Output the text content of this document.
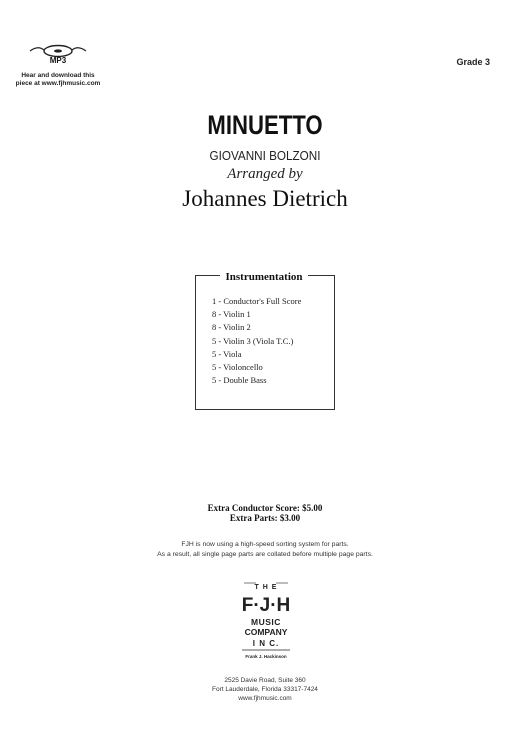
MP3
Hear and download this
piece at www.fjhmusic.com
Grade 3
MINUETTO
GIOVANNI BOLZONI
Arranged by
Johannes Dietrich
Instrumentation
1 - Conductor's Full Score
8 - Violin 1
8 - Violin 2
5 - Violin 3 (Viola T.C.)
5 - Viola
5 - Violoncello
5 - Double Bass
Extra Conductor Score: $5.00
Extra Parts: $3.00
FJH is now using a high-speed sorting system for parts.
As a result, all single page parts are collated before multiple page parts.
T H E
F·J·H
MUSIC
COMPANY
I N C.
Frank J. Hackinson
2525 Davie Road, Suite 360
Fort Lauderdale, Florida 33317-7424
www.fjhmusic.com
